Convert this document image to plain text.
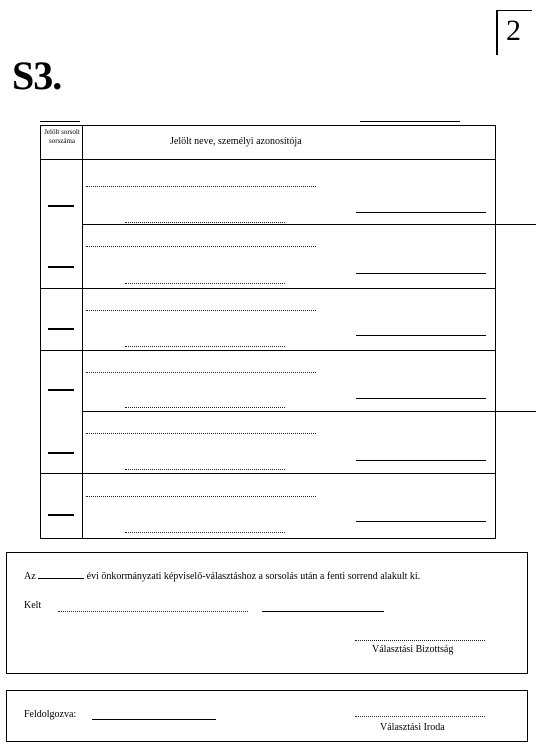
2
S3.
Jelölt sorsolt sorszáma	Jelölt neve, személyi azonosítója
Az	évi önkormányzati képviselő-választáshoz a sorsolás után a fenti sorrend alakult ki.
Kelt
Választási Bizottság
Feldolgozva:
Választási Iroda
